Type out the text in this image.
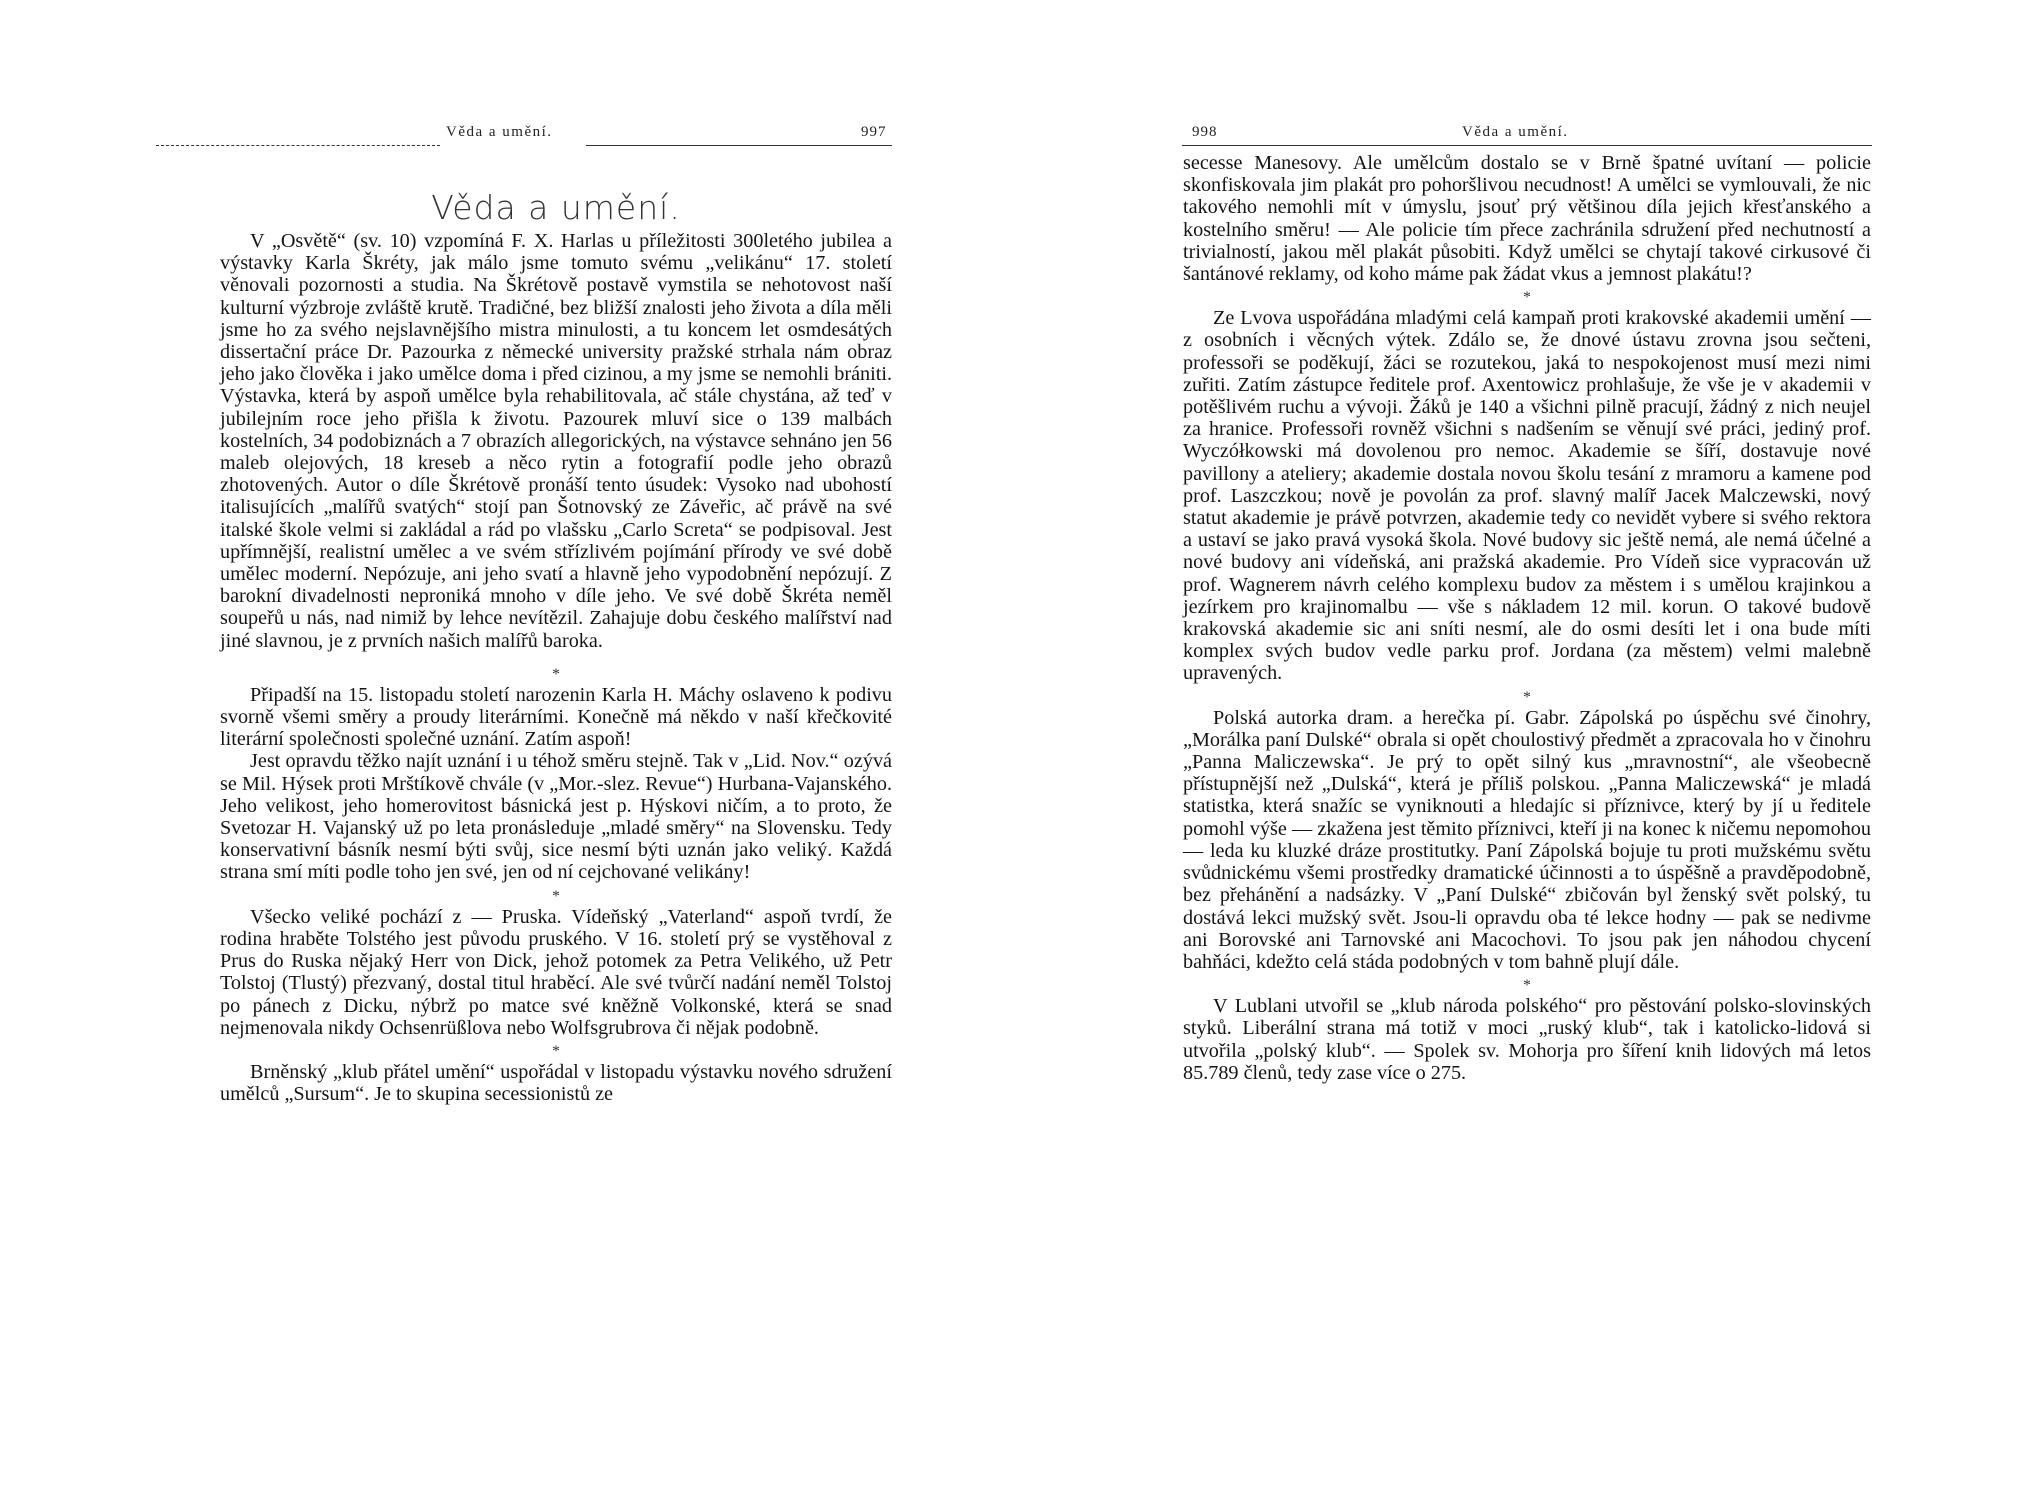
Věda a umění.	997
Věda a umění.

V „Osvětě“ (sv. 10) vzpomíná F. X. Harlas u příležitosti 300letého jubilea a výstavky Karla Škréty, jak málo jsme tomuto svému „velikánu“ 17. století věnovali pozornosti a studia. Na Škrétově postavě vymstila se nehotovost naší kulturní výzbroje zvláště krutě. Tradičné, bez bližší znalosti jeho života a díla měli jsme ho za svého nejslavnějšího mistra minulosti, a tu koncem let osmdesátých dissertační práce Dr. Pazourka z německé university pražské strhala nám obraz jeho jako člověka i jako umělce doma i před cizinou, a my jsme se nemohli brániti. Výstavka, která by aspoň umělce byla rehabilitovala, ač stále chystána, až teď v jubilejním roce jeho přišla k životu. Pazourek mluví sice o 139 malbách kostelních, 34 podobiznách a 7 obrazích allegorických, na výstavce sehnáno jen 56 maleb olejových, 18 kreseb a něco rytin a fotografií podle jeho obrazů zhotovených. Autor o díle Škrétově pronáší tento úsudek: Vysoko nad ubohostí italisujících „malířů svatých“ stojí pan Šotnovský ze Záveřic, ač právě na své italské škole velmi si zakládal a rád po vlašsku „Carlo Screta“ se podpisoval. Jest upřímnější, realistní umělec a ve svém střízlivém pojímání přírody ve své době umělec moderní. Nepózuje, ani jeho svatí a hlavně jeho vypodobnění nepózují. Z barokní divadelnosti neproniká mnoho v díle jeho. Ve své době Škréta neměl soupeřů u nás, nad nimiž by lehce nevítězil. Zahajuje dobu českého malířství nad jiné slavnou, je z prvních našich malířů baroka.

*

Připadší na 15. listopadu století narozenin Karla H. Máchy oslaveno k podivu svorně všemi směry a proudy literárními. Konečně má někdo v naší křečkovité literární společnosti společné uznání. Zatím aspoň!

Jest opravdu těžko najít uznání i u téhož směru stejně. Tak v „Lid. Nov.“ ozývá se Mil. Hýsek proti Mrštíkově chvále (v „Mor.-slez. Revue“) Hurbana-Vajanského. Jeho velikost, jeho homerovitost básnická jest p. Hýskovi ničím, a to proto, že Svetozar H. Vajanský už po leta pronásleduje „mladé směry“ na Slovensku. Tedy konservativní básník nesmí býti svůj, sice nesmí býti uznán jako veliký. Každá strana smí míti podle toho jen své, jen od ní cejchované velikány!

*

Všecko veliké pochází z — Pruska. Vídeňský „Vaterland“ aspoň tvrdí, že rodina hraběte Tolstého jest původu pruského. V 16. století prý se vystěhoval z Prus do Ruska nějaký Herr von Dick, jehož potomek za Petra Velikého, už Petr Tolstoj (Tlustý) přezvaný, dostal titul hraběcí. Ale své tvůrčí nadání neměl Tolstoj po pánech z Dicku, nýbrž po matce své kněžně Volkonské, která se snad nejmenovala nikdy Ochsenrüßlova nebo Wolfsgrubrova či nějak podobně.

*

Brněnský „klub přátel umění“ uspořádal v listopadu výstavku nového sdružení umělců „Sursum“. Je to skupina secessionistů ze

998	Věda a umění.

secesse Manesovy. Ale umělcům dostalo se v Brně špatné uvítaní — policie skonfiskovala jim plakát pro pohoršlivou necudnost! A umělci se vymlouvali, že nic takového nemohli mít v úmyslu, jsouť prý většinou díla jejich křesťanského a kostelního směru! — Ale policie tím přece zachránila sdružení před nechutností a trivialností, jakou měl plakát působiti. Když umělci se chytají takové cirkusové či šantánové reklamy, od koho máme pak žádat vkus a jemnost plakátu!?

*

Ze Lvova uspořádána mladými celá kampaň proti krakovské akademii umění — z osobních i věcných výtek. Zdálo se, že dnové ústavu zrovna jsou sečteni, professoři se poděkují, žáci se rozutekou, jaká to nespokojenost musí mezi nimi zuřiti. Zatím zástupce ředitele prof. Axentowicz prohlašuje, že vše je v akademii v potěšlivém ruchu a vývoji. Žáků je 140 a všichni pilně pracují, žádný z nich neujel za hranice. Professoři rovněž všichni s nadšením se věnují své práci, jediný prof. Wyczółkowski má dovolenou pro nemoc. Akademie se šíří, dostavuje nové pavillony a ateliery; akademie dostala novou školu tesání z mramoru a kamene pod prof. Laszczkou; nově je povolán za prof. slavný malíř Jacek Malczewski, nový statut akademie je právě potvrzen, akademie tedy co nevidět vybere si svého rektora a ustaví se jako pravá vysoká škola. Nové budovy sic ještě nemá, ale nemá účelné a nové budovy ani vídeňská, ani pražská akademie. Pro Vídeň sice vypracován už prof. Wagnerem návrh celého komplexu budov za městem i s umělou krajinkou a jezírkem pro krajinomalbu — vše s nákladem 12 mil. korun. O takové budově krakovská akademie sic ani sníti nesmí, ale do osmi desíti let i ona bude míti komplex svých budov vedle parku prof. Jordana (za městem) velmi malebně upravených.

*

Polská autorka dram. a herečka pí. Gabr. Zápolská po úspěchu své činohry, „Morálka paní Dulské“ obrala si opět choulostivý předmět a zpracovala ho v činohru „Panna Maliczewska“. Je prý to opět silný kus „mravnostní“, ale všeobecně přístupnější než „Dulská“, která je příliš polskou. „Panna Maliczewská“ je mladá statistka, která snažíc se vyniknouti a hledajíc si příznivce, který by jí u ředitele pomohl výše — zkažena jest těmito příznivci, kteří ji na konec k ničemu nepomohou — leda ku kluzké dráze prostitutky. Paní Zápolská bojuje tu proti mužskému světu svůdnickému všemi prostředky dramatické účinnosti a to úspěšně a pravděpodobně, bez přehánění a nadsázky. V „Paní Dulské“ zbičován byl ženský svět polský, tu dostává lekci mužský svět. Jsou-li opravdu oba té lekce hodny — pak se nedivme ani Borovské ani Tarnovské ani Macochovi. To jsou pak jen náhodou chycení bahňáci, kdežto celá stáda podobných v tom bahně plují dále.

*

V Lublani utvořil se „klub národa polského“ pro pěstování polsko-slovinských styků. Liberální strana má totiž v moci „ruský klub“, tak i katolicko-lidová si utvořila „polský klub“. — Spolek sv. Mohorja pro šíření knih lidových má letos 85.789 členů, tedy zase více o 275.
